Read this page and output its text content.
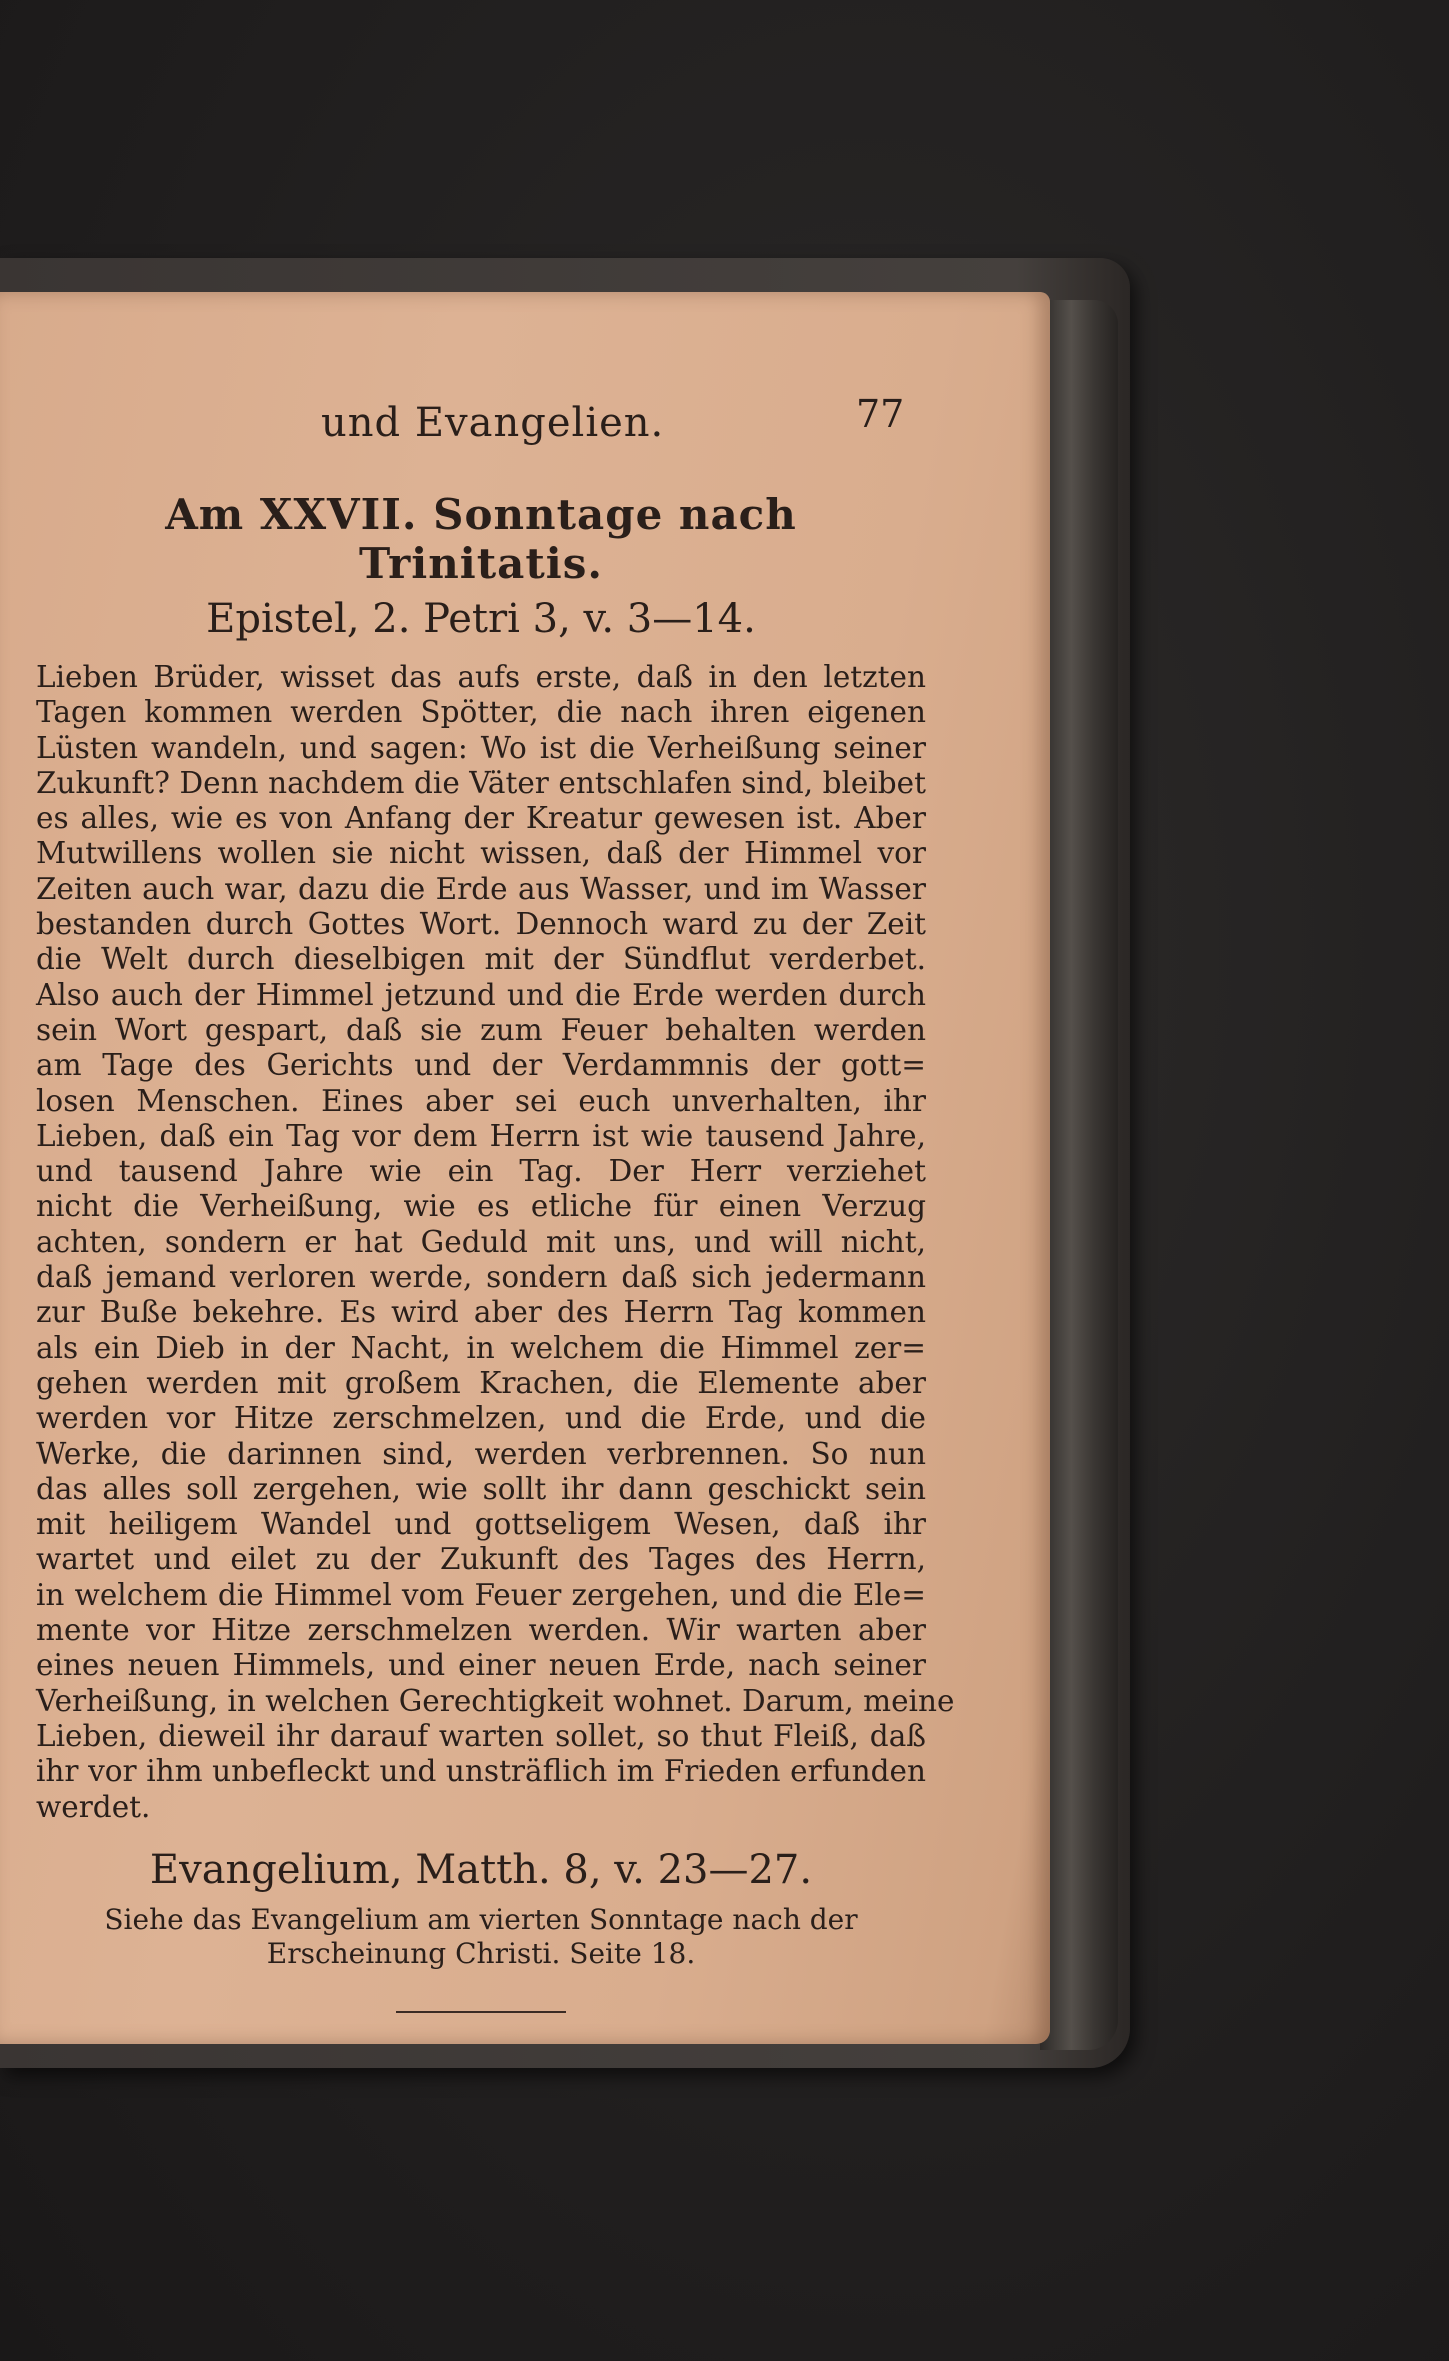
und Evangelien.	77
Am XXVII. Sonntage nach Trinitatis.
Epistel, 2. Petri 3, v. 3—14.
Lieben Brüder, wisset das aufs erste, daß in den letzten
Tagen kommen werden Spötter, die nach ihren eigenen
Lüsten wandeln, und sagen: Wo ist die Verheißung seiner
Zukunft? Denn nachdem die Väter entschlafen sind, bleibet
es alles, wie es von Anfang der Kreatur gewesen ist. Aber
Mutwillens wollen sie nicht wissen, daß der Himmel vor
Zeiten auch war, dazu die Erde aus Wasser, und im Wasser
bestanden durch Gottes Wort. Dennoch ward zu der Zeit
die Welt durch dieselbigen mit der Sündflut verderbet.
Also auch der Himmel jetzund und die Erde werden durch
sein Wort gespart, daß sie zum Feuer behalten werden
am Tage des Gerichts und der Verdammnis der gott=
losen Menschen. Eines aber sei euch unverhalten, ihr
Lieben, daß ein Tag vor dem Herrn ist wie tausend Jahre,
und tausend Jahre wie ein Tag. Der Herr verziehet
nicht die Verheißung, wie es etliche für einen Verzug
achten, sondern er hat Geduld mit uns, und will nicht,
daß jemand verloren werde, sondern daß sich jedermann
zur Buße bekehre. Es wird aber des Herrn Tag kommen
als ein Dieb in der Nacht, in welchem die Himmel zer=
gehen werden mit großem Krachen, die Elemente aber
werden vor Hitze zerschmelzen, und die Erde, und die
Werke, die darinnen sind, werden verbrennen. So nun
das alles soll zergehen, wie sollt ihr dann geschickt sein
mit heiligem Wandel und gottseligem Wesen, daß ihr
wartet und eilet zu der Zukunft des Tages des Herrn,
in welchem die Himmel vom Feuer zergehen, und die Ele=
mente vor Hitze zerschmelzen werden. Wir warten aber
eines neuen Himmels, und einer neuen Erde, nach seiner
Verheißung, in welchen Gerechtigkeit wohnet. Darum, meine
Lieben, dieweil ihr darauf warten sollet, so thut Fleiß, daß
ihr vor ihm unbefleckt und unsträflich im Frieden erfunden
werdet.
Evangelium, Matth. 8, v. 23—27.
Siehe das Evangelium am vierten Sonntage nach der
Erscheinung Christi. Seite 18.
